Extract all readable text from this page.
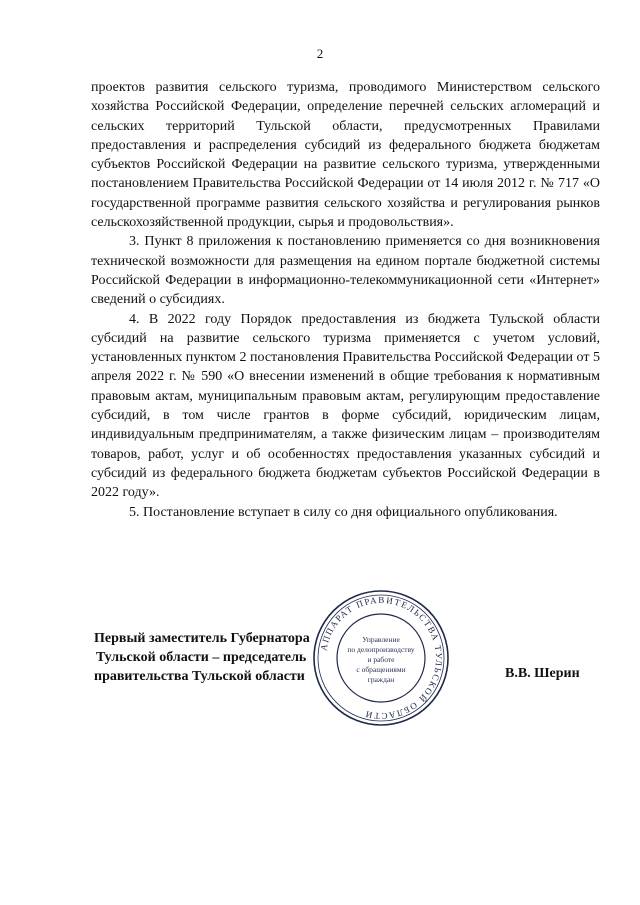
2

проектов развития сельского туризма, проводимого Министерством сельского хозяйства Российской Федерации, определение перечней сельских агломераций и сельских территорий Тульской области, предусмотренных Правилами предоставления и распределения субсидий из федерального бюджета бюджетам субъектов Российской Федерации на развитие сельского туризма, утвержденными постановлением Правительства Российской Федерации от 14 июля 2012 г. № 717 «О государственной программе развития сельского хозяйства и регулирования рынков сельскохозяйственной продукции, сырья и продовольствия».

3. Пункт 8 приложения к постановлению применяется со дня возникновения технической возможности для размещения на едином портале бюджетной системы Российской Федерации в информационно-телекоммуникационной сети «Интернет» сведений о субсидиях.

4. В 2022 году Порядок предоставления из бюджета Тульской области субсидий на развитие сельского туризма применяется с учетом условий, установленных пунктом 2 постановления Правительства Российской Федерации от 5 апреля 2022 г. № 590 «О внесении изменений в общие требования к нормативным правовым актам, муниципальным правовым актам, регулирующим предоставление субсидий, в том числе грантов в форме субсидий, юридическим лицам, индивидуальным предпринимателям, а также физическим лицам – производителям товаров, работ, услуг и об особенностях предоставления указанных субсидий и субсидий из федерального бюджета бюджетам субъектов Российской Федерации в 2022 году».

5. Постановление вступает в силу со дня официального опубликования.

Первый заместитель Губернатора
Тульской области – председатель
правительства Тульской области
АППАРАТ ПРАВИТЕЛЬСТВА ТУЛЬСКОЙ ОБЛАСТИ
Управление
по делопроизводству
и работе
с обращениями
граждан	В.В. Шерин
